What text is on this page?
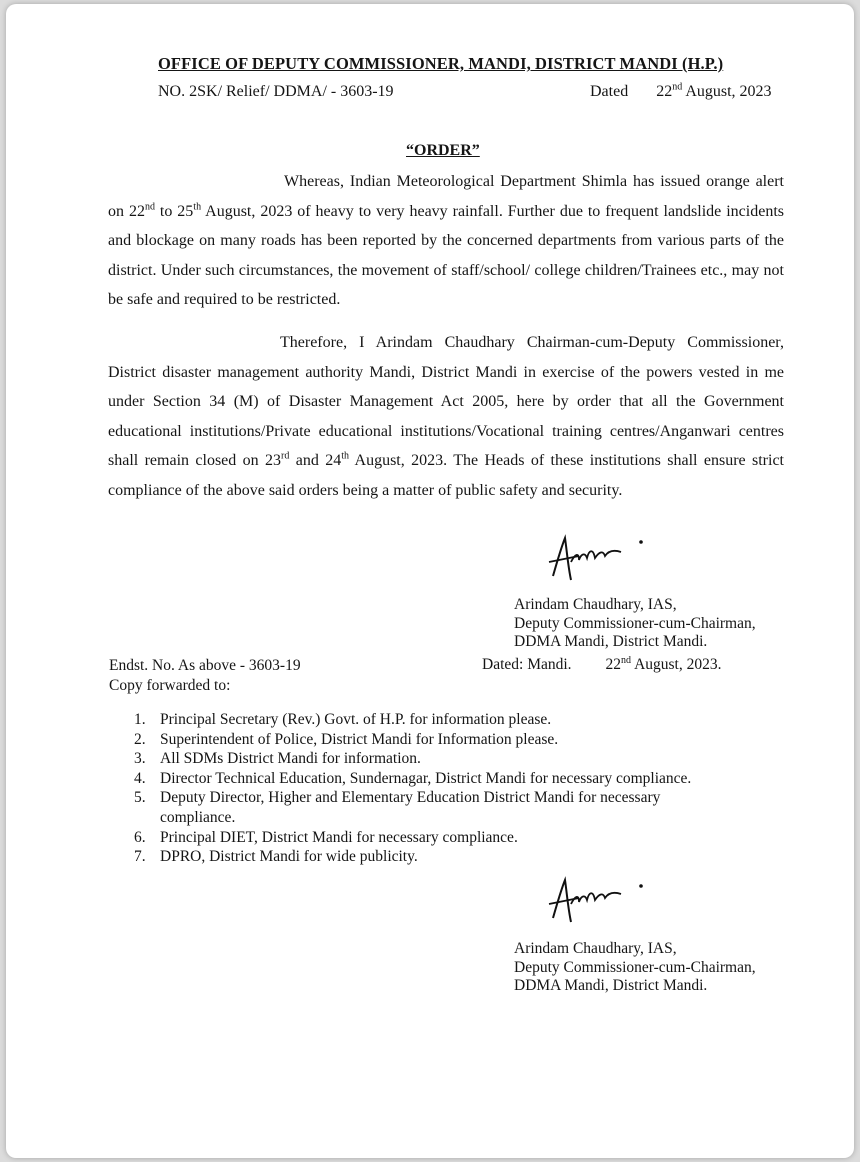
OFFICE OF DEPUTY COMMISSIONER, MANDI, DISTRICT MANDI (H.P.)
NO. 2SK/ Relief/ DDMA/ - 3603-19	Dated 22nd August, 2023
“ORDER”
Whereas, Indian Meteorological Department Shimla has issued orange alert on 22nd to 25th August, 2023 of heavy to very heavy rainfall. Further due to frequent landslide incidents and blockage on many roads has been reported by the concerned departments from various parts of the district. Under such circumstances, the movement of staff/school/ college children/Trainees etc., may not be safe and required to be restricted.
Therefore, I Arindam Chaudhary Chairman-cum-Deputy Commissioner, District disaster management authority Mandi, District Mandi in exercise of the powers vested in me under Section 34 (M) of Disaster Management Act 2005, here by order that all the Government educational institutions/Private educational institutions/Vocational training centres/Anganwari centres shall remain closed on 23rd and 24th August, 2023. The Heads of these institutions shall ensure strict compliance of the above said orders being a matter of public safety and security.
Arindam Chaudhary, IAS,
Deputy Commissioner-cum-Chairman,
DDMA Mandi, District Mandi.
Endst. No. As above - 3603-19
Copy forwarded to:
Dated: Mandi. 22nd August, 2023.
1. Principal Secretary (Rev.) Govt. of H.P. for information please.
2. Superintendent of Police, District Mandi for Information please.
3. All SDMs District Mandi for information.
4. Director Technical Education, Sundernagar, District Mandi for necessary compliance.
5. Deputy Director, Higher and Elementary Education District Mandi for necessary compliance.
6. Principal DIET, District Mandi for necessary compliance.
7. DPRO, District Mandi for wide publicity.
Arindam Chaudhary, IAS,
Deputy Commissioner-cum-Chairman,
DDMA Mandi, District Mandi.
